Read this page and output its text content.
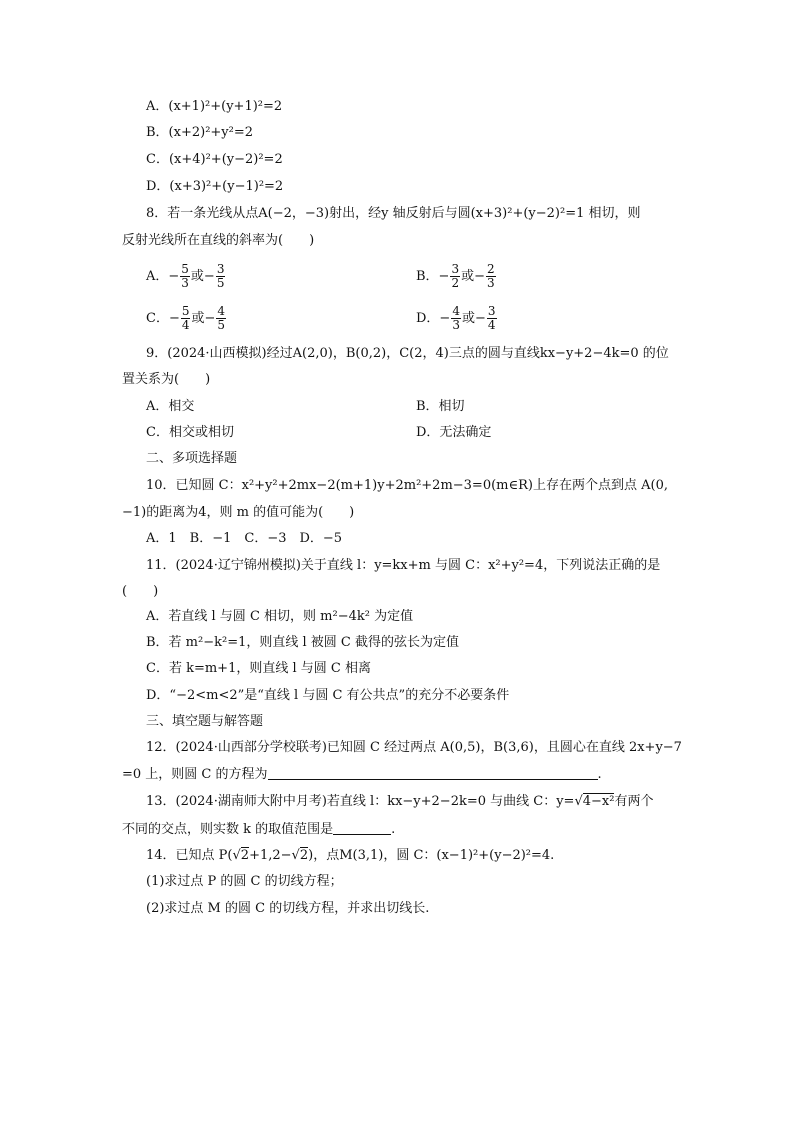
A．(x+1)²+(y+1)²=2
B．(x+2)²+y²=2
C．(x+4)²+(y−2)²=2
D．(x+3)²+(y−1)²=2
8．若一条光线从点A(−2，−3)射出，经y 轴反射后与圆(x+3)²+(y−2)²=1 相切，则
反射光线所在直线的斜率为(　　)
A．− $\frac{5}{3}$ 或− $\frac{3}{5}$	B．− $\frac{3}{2}$ 或− $\frac{2}{3}$
C．− $\frac{5}{4}$ 或− $\frac{4}{5}$	D．− $\frac{4}{3}$ 或− $\frac{3}{4}$
9．(2024·山西模拟)经过A(2,0)，B(0,2)，C(2，4)三点的圆与直线kx−y+2−4k=0 的位
置关系为(　　)
A．相交	B．相切
C．相交或相切	D．无法确定
二、多项选择题
10．已知圆 C：x²+y²+2mx−2(m+1)y+2m²+2m−3=0(m∈R)上存在两个点到点 A(0,
−1)的距离为4，则 m 的值可能为(　　)
A．1　B．−1　C．−3　D．−5
11．(2024·辽宁锦州模拟)关于直线 l：y=kx+m 与圆 C：x²+y²=4，下列说法正确的是
(　　)
A．若直线 l 与圆 C 相切，则 m²−4k² 为定值
B．若 m²−k²=1，则直线 l 被圆 C 截得的弦长为定值
C．若 k=m+1，则直线 l 与圆 C 相离
D．“−2<m<2”是“直线 l 与圆 C 有公共点”的充分不必要条件
三、填空题与解答题
12．(2024·山西部分学校联考)已知圆 C 经过两点 A(0,5)，B(3,6)，且圆心在直线 2x+y−7
=0 上，则圆 C 的方程为	.
13．(2024·湖南师大附中月考)若直线 l：kx−y+2−2k=0 与曲线 C：y=√4−x²有两个
不同的交点，则实数 k 的取值范围是	.
14．已知点 P(√2+1,2−√2)，点M(3,1)，圆 C：(x−1)²+(y−2)²=4.
(1)求过点 P 的圆 C 的切线方程；
(2)求过点 M 的圆 C 的切线方程，并求出切线长.
